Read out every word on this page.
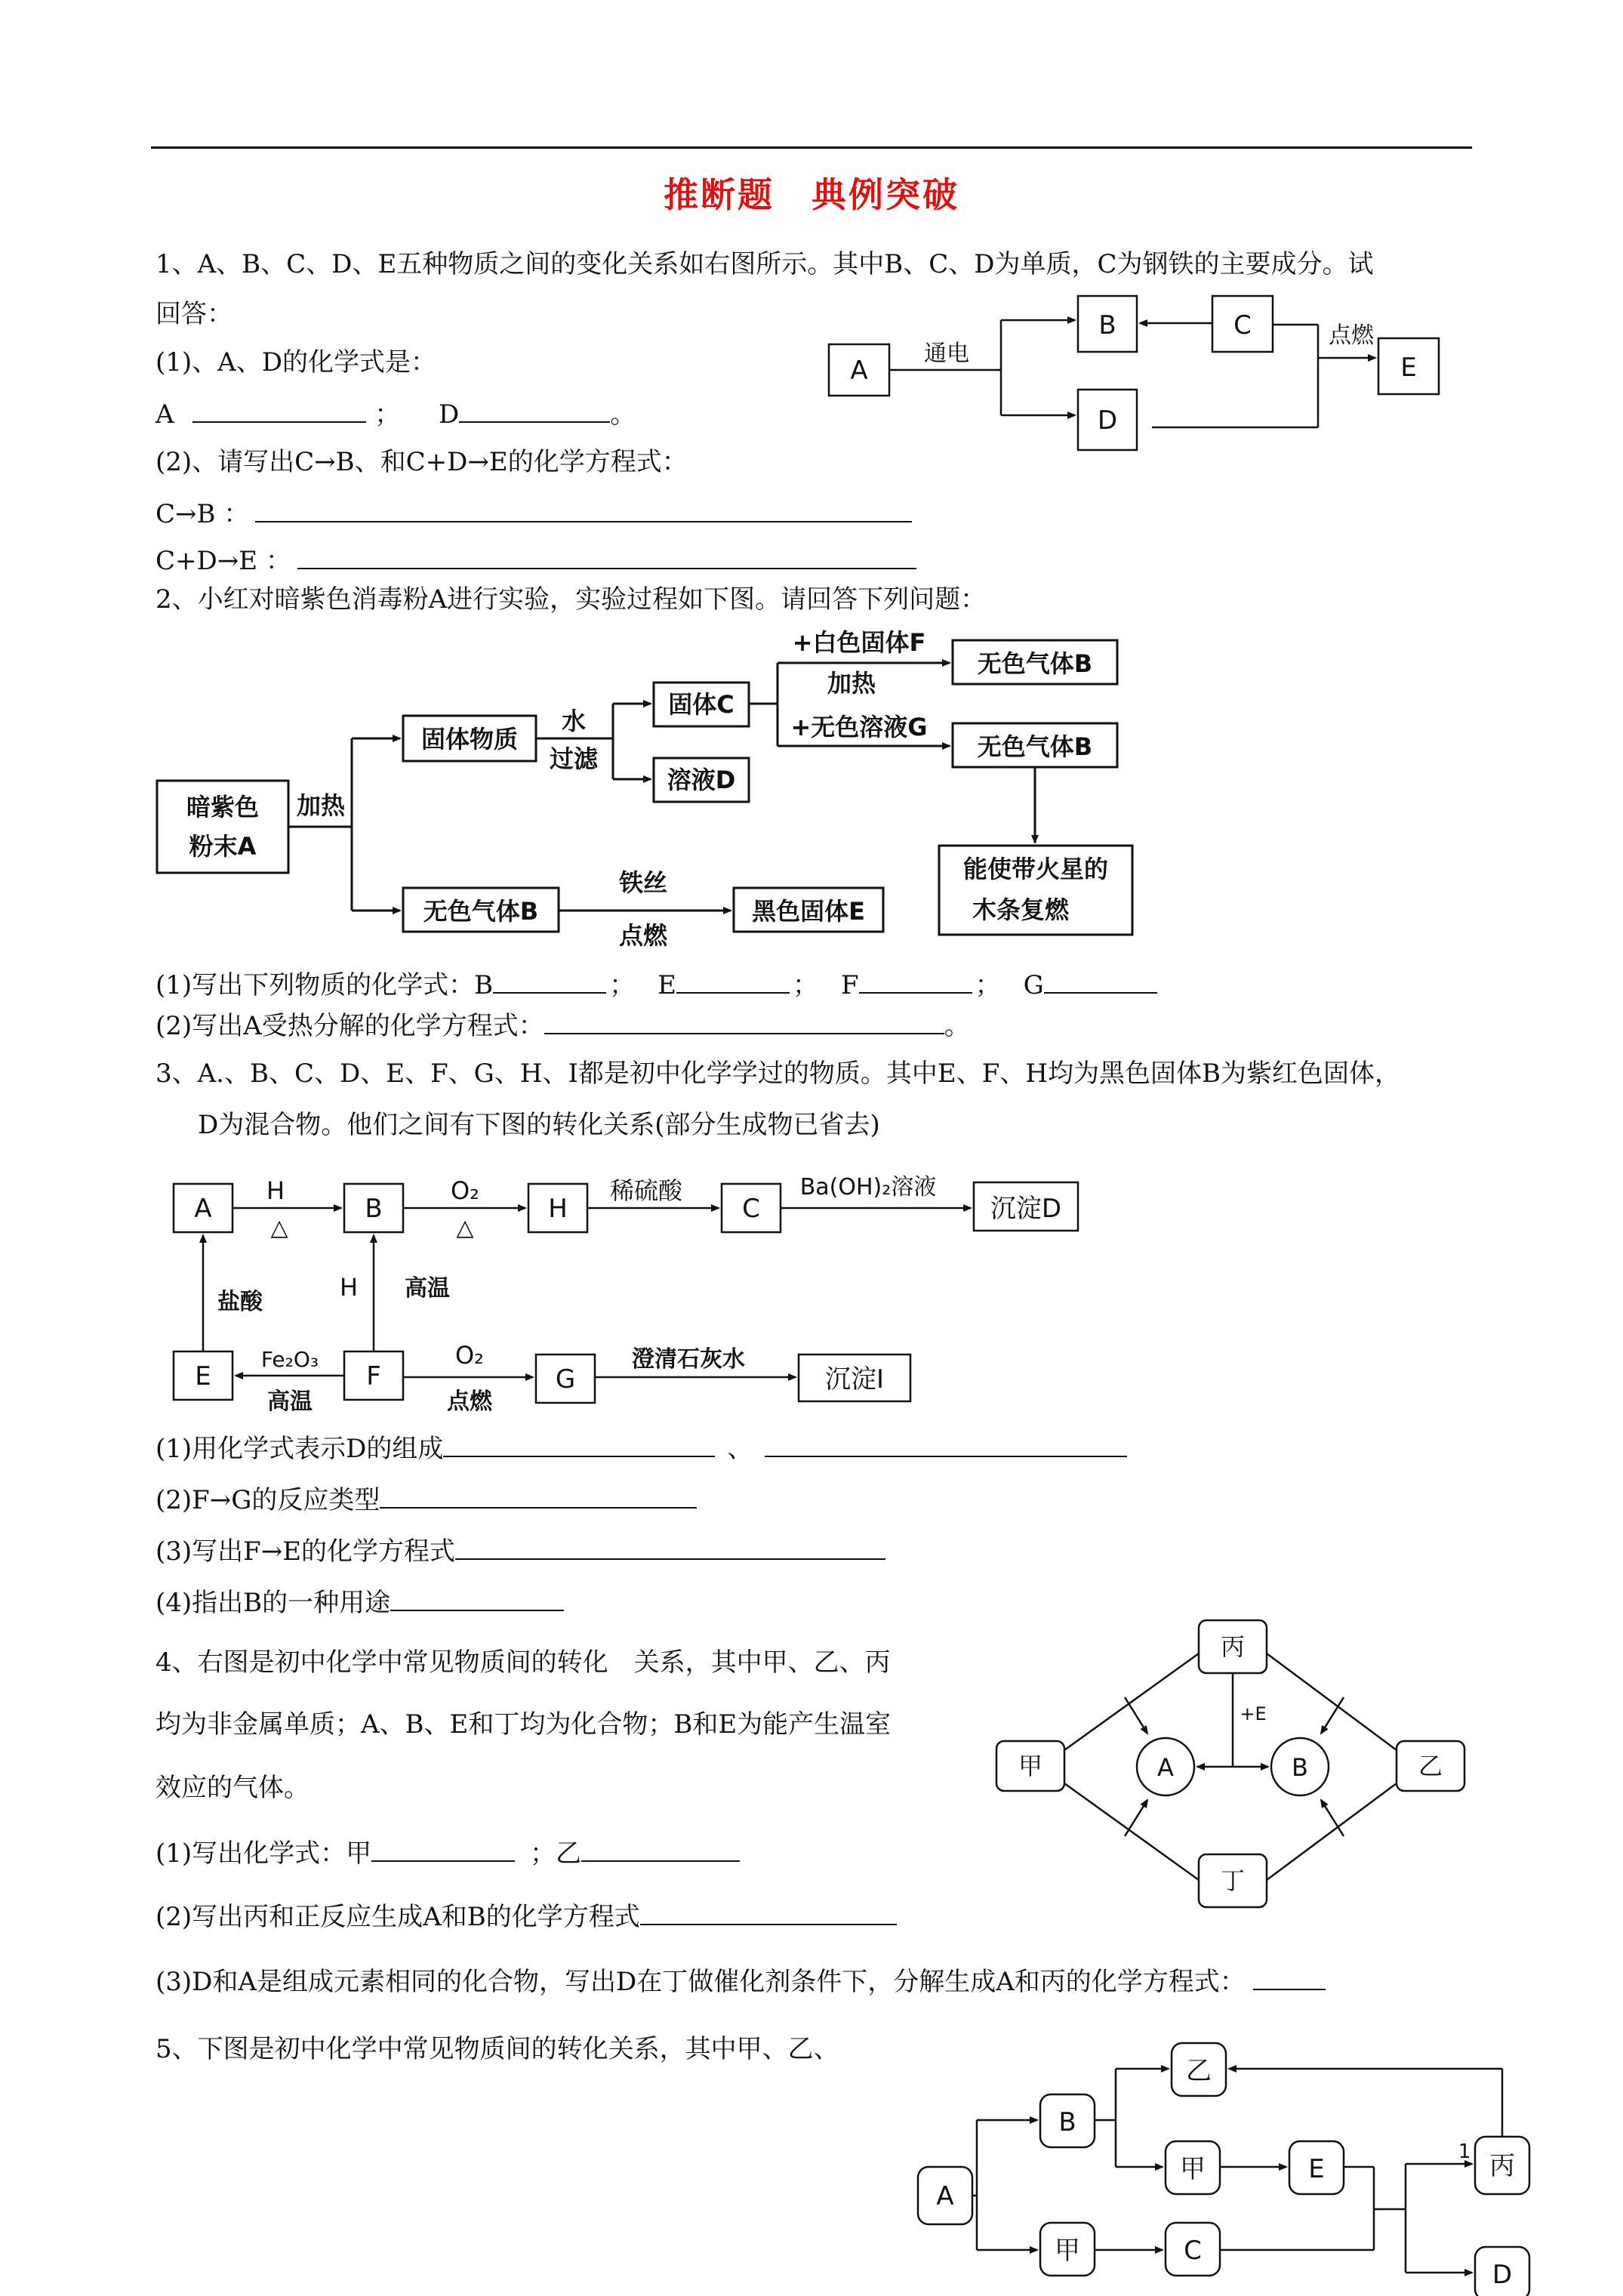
推断题　典例突破
1、A、B、C、D、E五种物质之间的变化关系如右图所示。其中B、C、D为单质，C为钢铁的主要成分。试
回答：
(1)、A、D的化学式是：
A	； D	。
(2)、请写出C→B、和C+D→E的化学方程式：
C→B ：
C+D→E ：
A
B	C
D
E
通电
点燃
2、小红对暗紫色消毒粉A进行实验，实验过程如下图。请回答下列问题：
暗紫色
粉末A
加热
固体物质
水
过滤
固体C
溶液D
+白色固体F
加热
+无色溶液G
无色气体B
无色气体B
能使带火星的
木条复燃
无色气体B
铁丝
点燃
黑色固体E
(1)写出下列物质的化学式：B	； E	； F	； G
(2)写出A受热分解的化学方程式：	。
3、A.、B、C、D、E、F、G、H、I都是初中化学学过的物质。其中E、F、H均为黑色固体B为紫红色固体，
D为混合物。他们之间有下图的转化关系(部分生成物已省去)
A	B	H	C	沉淀D
E	F	G	沉淀I
H
△
O₂
△
稀硫酸	Ba(OH)₂溶液
盐酸
H 高温
Fe₂O₃
高温
O₂
点燃
澄清石灰水
(1)用化学式表示D的组成	、
(2)F→G的反应类型
(3)写出F→E的化学方程式
(4)指出B的一种用途
4、右图是初中化学中常见物质间的转化　关系，其中甲、乙、丙
均为非金属单质；A、B、E和丁均为化合物；B和E为能产生温室
效应的气体。
(1)写出化学式：甲	；乙
(2)写出丙和正反应生成A和B的化学方程式
(3)D和A是组成元素相同的化合物，写出D在丁做催化剂条件下，分解生成A和丙的化学方程式：
丙
甲	乙
丁
A	B
+E
5、下图是初中化学中常见物质间的转化关系，其中甲、乙、
乙
B
甲	E	丙
A
甲	C
D
1
